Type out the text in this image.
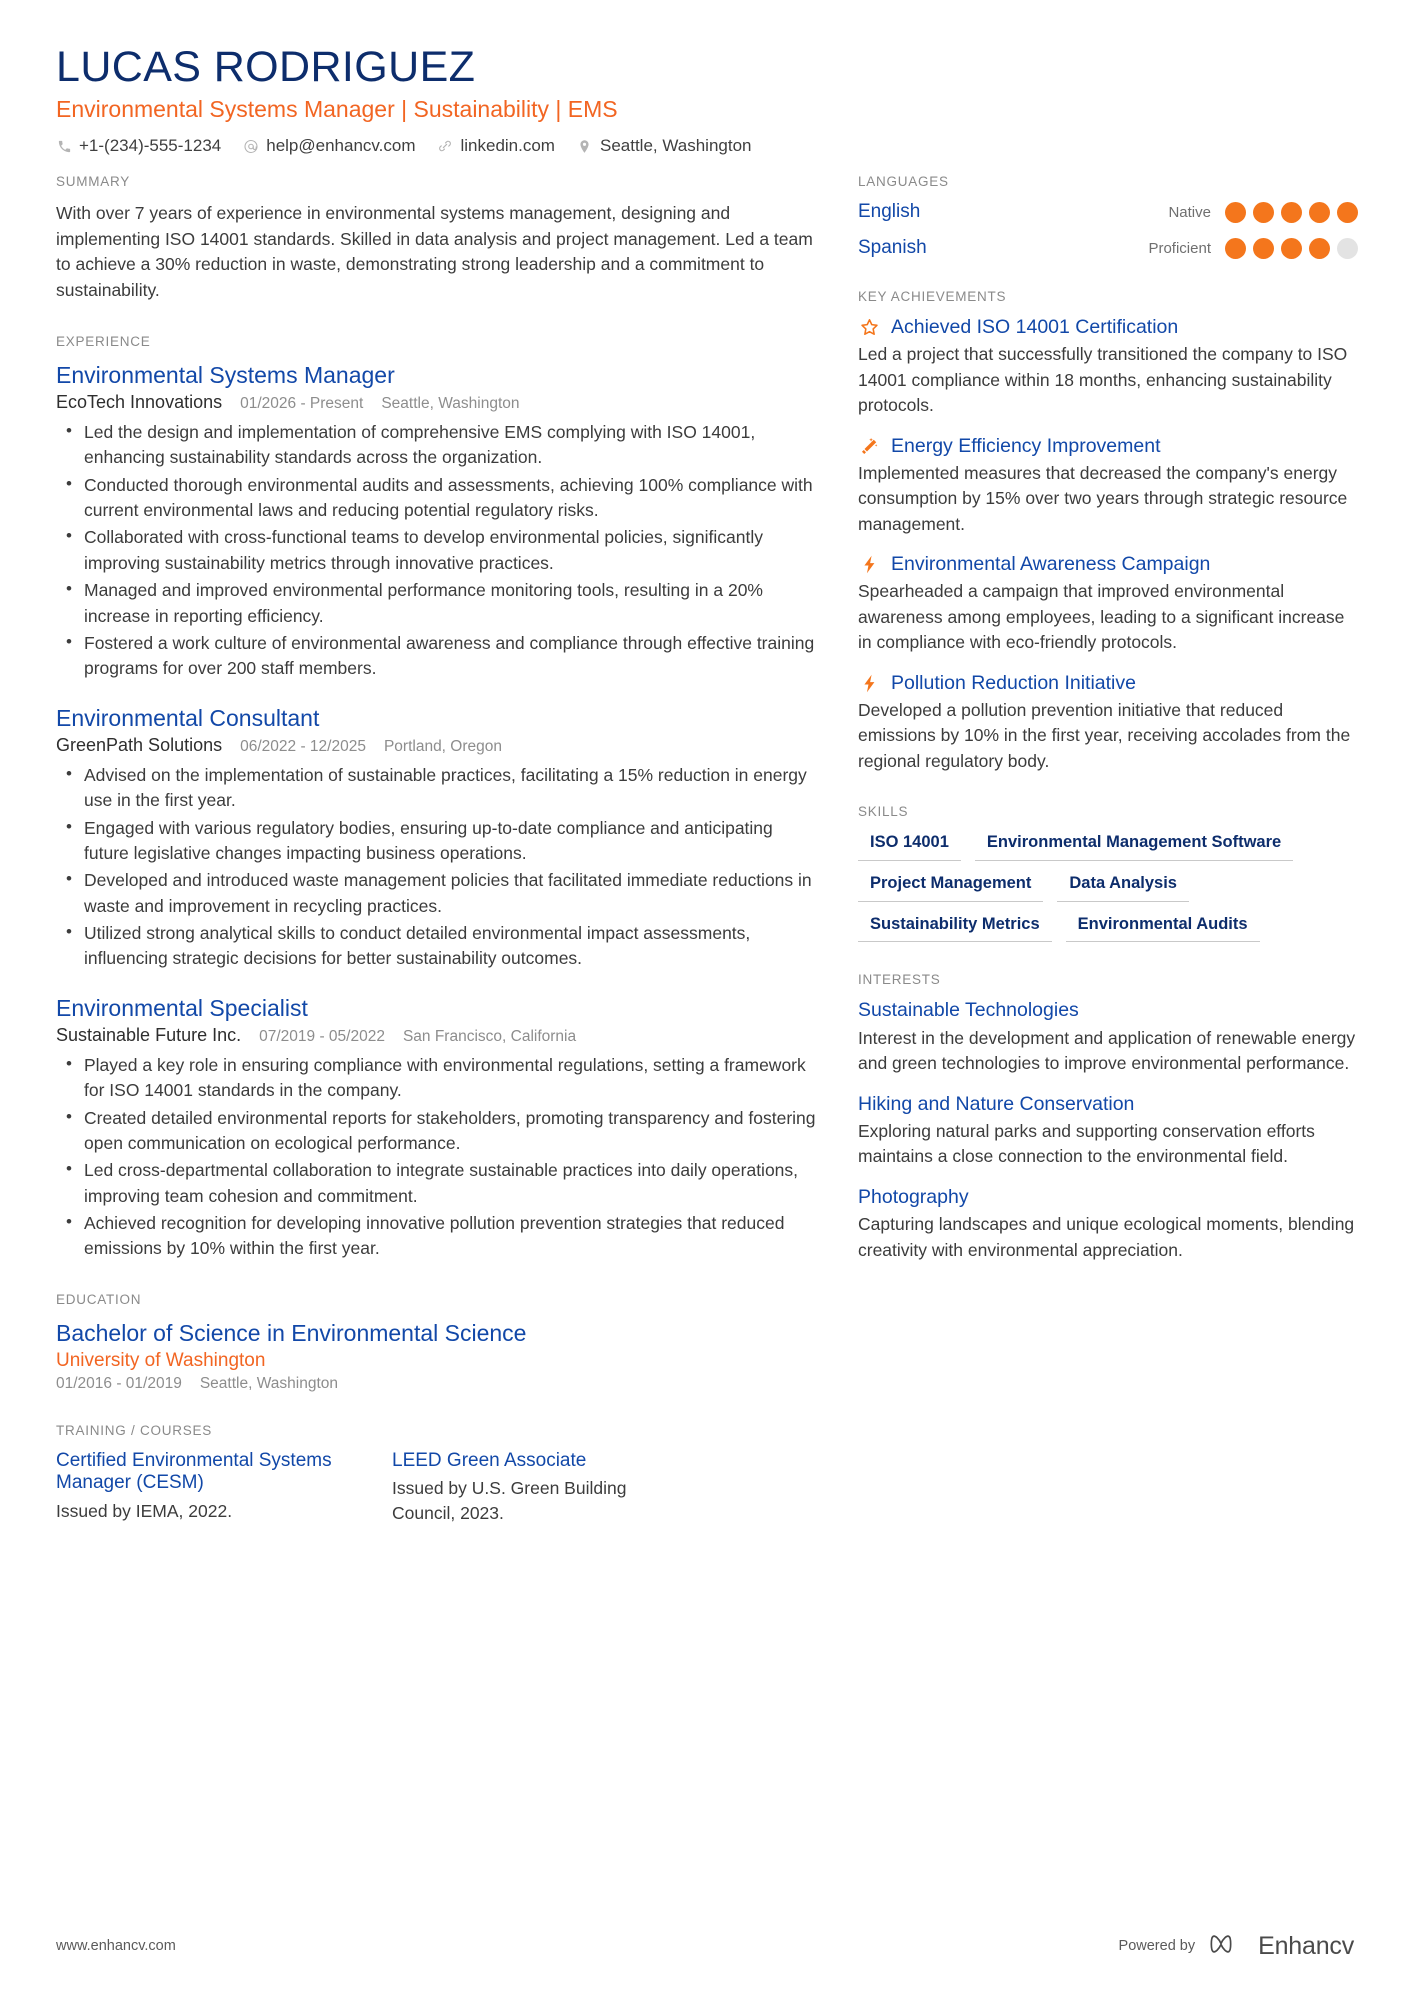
LUCAS RODRIGUEZ
Environmental Systems Manager | Sustainability | EMS
+1-(234)-555-1234	help@enhancv.com	linkedin.com	Seattle, Washington
SUMMARY

With over 7 years of experience in environmental systems management, designing and implementing ISO 14001 standards. Skilled in data analysis and project management. Led a team to achieve a 30% reduction in waste, demonstrating strong leadership and a commitment to sustainability.

EXPERIENCE
Environmental Systems Manager
EcoTech Innovations 01/2026 - Present Seattle, Washington
• Led the design and implementation of comprehensive EMS complying with ISO 14001, enhancing sustainability standards across the organization.
• Conducted thorough environmental audits and assessments, achieving 100% compliance with current environmental laws and reducing potential regulatory risks.
• Collaborated with cross-functional teams to develop environmental policies, significantly improving sustainability metrics through innovative practices.
• Managed and improved environmental performance monitoring tools, resulting in a 20% increase in reporting efficiency.
• Fostered a work culture of environmental awareness and compliance through effective training programs for over 200 staff members.
Environmental Consultant
GreenPath Solutions 06/2022 - 12/2025 Portland, Oregon
• Advised on the implementation of sustainable practices, facilitating a 15% reduction in energy use in the first year.
• Engaged with various regulatory bodies, ensuring up-to-date compliance and anticipating future legislative changes impacting business operations.
• Developed and introduced waste management policies that facilitated immediate reductions in waste and improvement in recycling practices.
• Utilized strong analytical skills to conduct detailed environmental impact assessments, influencing strategic decisions for better sustainability outcomes.
Environmental Specialist
Sustainable Future Inc. 07/2019 - 05/2022 San Francisco, California
• Played a key role in ensuring compliance with environmental regulations, setting a framework for ISO 14001 standards in the company.
• Created detailed environmental reports for stakeholders, promoting transparency and fostering open communication on ecological performance.
• Led cross-departmental collaboration to integrate sustainable practices into daily operations, improving team cohesion and commitment.
• Achieved recognition for developing innovative pollution prevention strategies that reduced emissions by 10% within the first year.
EDUCATION
Bachelor of Science in Environmental Science
University of Washington
01/2016 - 01/2019 Seattle, Washington
TRAINING / COURSES
Certified Environmental Systems Manager (CESM)

Issued by IEMA, 2022.

LEED Green Associate

Issued by U.S. Green Building Council, 2023.

LANGUAGES
English	Native
Spanish	Proficient
KEY ACHIEVEMENTS
Achieved ISO 14001 Certification

Led a project that successfully transitioned the company to ISO 14001 compliance within 18 months, enhancing sustainability protocols.

Energy Efficiency Improvement

Implemented measures that decreased the company's energy consumption by 15% over two years through strategic resource management.

Environmental Awareness Campaign

Spearheaded a campaign that improved environmental awareness among employees, leading to a significant increase in compliance with eco-friendly protocols.

Pollution Reduction Initiative

Developed a pollution prevention initiative that reduced emissions by 10% in the first year, receiving accolades from the regional regulatory body.

SKILLS
ISO 14001	Environmental Management Software
Project Management	Data Analysis
Sustainability Metrics	Environmental Audits
INTERESTS
Sustainable Technologies

Interest in the development and application of renewable energy and green technologies to improve environmental performance.

Hiking and Nature Conservation

Exploring natural parks and supporting conservation efforts maintains a close connection to the environmental field.

Photography

Capturing landscapes and unique ecological moments, blending creativity with environmental appreciation.

www.enhancv.com	Powered by	Enhancv
